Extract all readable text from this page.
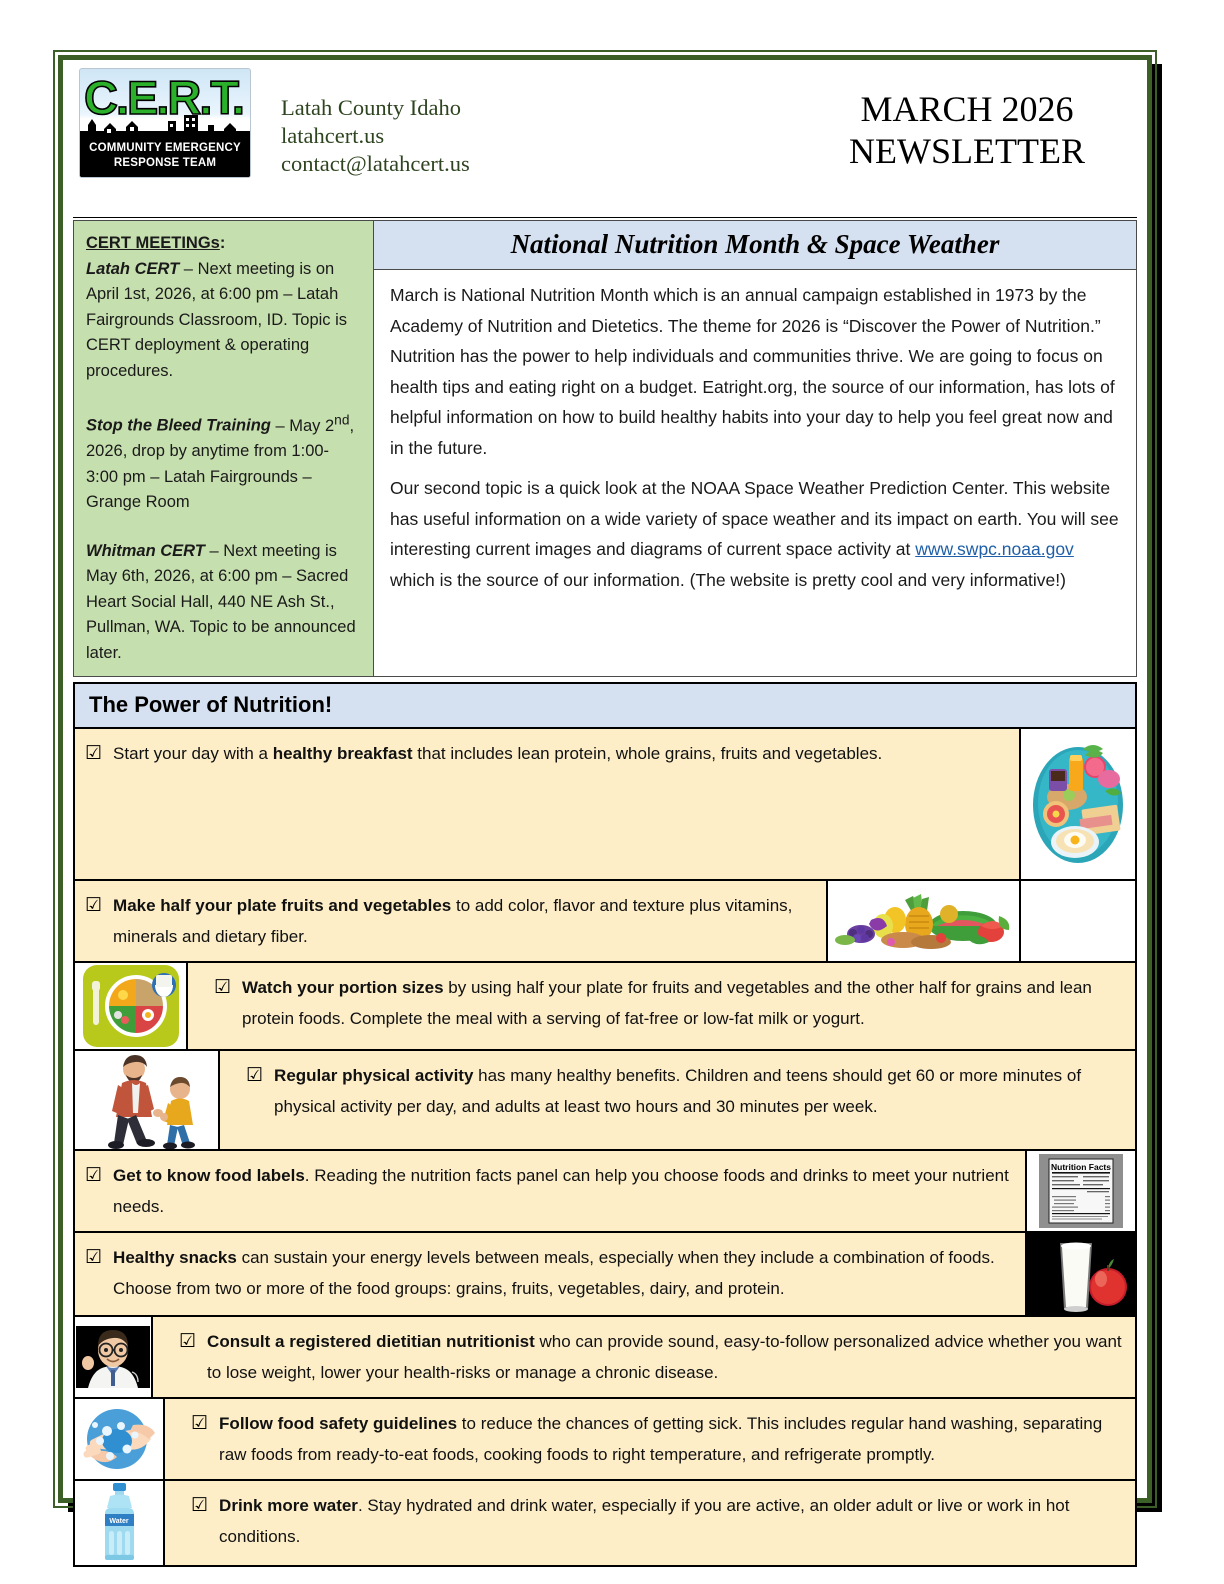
C.E.R.T.
COMMUNITY EMERGENCY
RESPONSE TEAM
Latah County Idaho
latahcert.us
contact@latahcert.us
MARCH 2026
NEWSLETTER
CERT MEETINGs:
Latah CERT – Next meeting is on April 1st, 2026, at 6:00 pm – Latah Fairgrounds Classroom, ID. Topic is CERT deployment & operating procedures.
Stop the Bleed Training – May 2nd, 2026, drop by anytime from 1:00-3:00 pm – Latah Fairgrounds – Grange Room
Whitman CERT – Next meeting is May 6th, 2026, at 6:00 pm – Sacred Heart Social Hall, 440 NE Ash St., Pullman, WA. Topic to be announced later.
National Nutrition Month & Space Weather

March is National Nutrition Month which is an annual campaign established in 1973 by the Academy of Nutrition and Dietetics. The theme for 2026 is “Discover the Power of Nutrition.” Nutrition has the power to help individuals and communities thrive. We are going to focus on health tips and eating right on a budget. Eatright.org, the source of our information, has lots of helpful information on how to build healthy habits into your day to help you feel great now and in the future.

Our second topic is a quick look at the NOAA Space Weather Prediction Center. This website has useful information on a wide variety of space weather and its impact on earth. You will see interesting current images and diagrams of current space activity at www.swpc.noaa.gov which is the source of our information. (The website is pretty cool and very informative!)

The Power of Nutrition!
☑ Start your day with a healthy breakfast that includes lean protein, whole grains, fruits and vegetables.
☑ Make half your plate fruits and vegetables to add color, flavor and texture plus vitamins, minerals and dietary fiber.
☑ Watch your portion sizes by using half your plate for fruits and vegetables and the other half for grains and lean protein foods. Complete the meal with a serving of fat-free or low-fat milk or yogurt.
☑ Regular physical activity has many healthy benefits. Children and teens should get 60 or more minutes of physical activity per day, and adults at least two hours and 30 minutes per week.
☑ Get to know food labels. Reading the nutrition facts panel can help you choose foods and drinks to meet your nutrient needs.
Nutrition Facts
☑ Healthy snacks can sustain your energy levels between meals, especially when they include a combination of foods. Choose from two or more of the food groups: grains, fruits, vegetables, dairy, and protein.
☑ Consult a registered dietitian nutritionist who can provide sound, easy-to-follow personalized advice whether you want to lose weight, lower your health-risks or manage a chronic disease.
☑ Follow food safety guidelines to reduce the chances of getting sick. This includes regular hand washing, separating raw foods from ready-to-eat foods, cooking foods to right temperature, and refrigerate promptly.
Water
☑ Drink more water. Stay hydrated and drink water, especially if you are active, an older adult or live or work in hot conditions.
